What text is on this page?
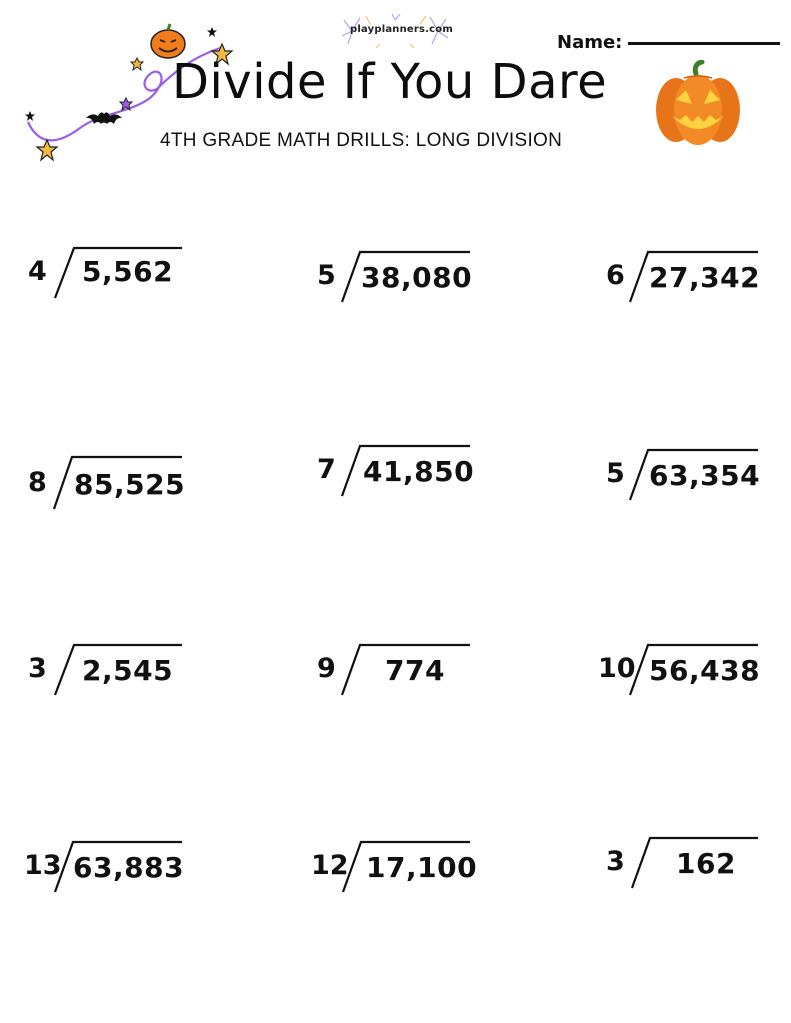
playplanners.com
Name:
Divide If You Dare
4TH GRADE MATH DRILLS: LONG DIVISION
4 5,562	5 38,080	6 27,342
8 85,525	7 41,850	5 63,354
3 2,545	9 774	10 56,438
13 63,883	12 17,100	3 162
